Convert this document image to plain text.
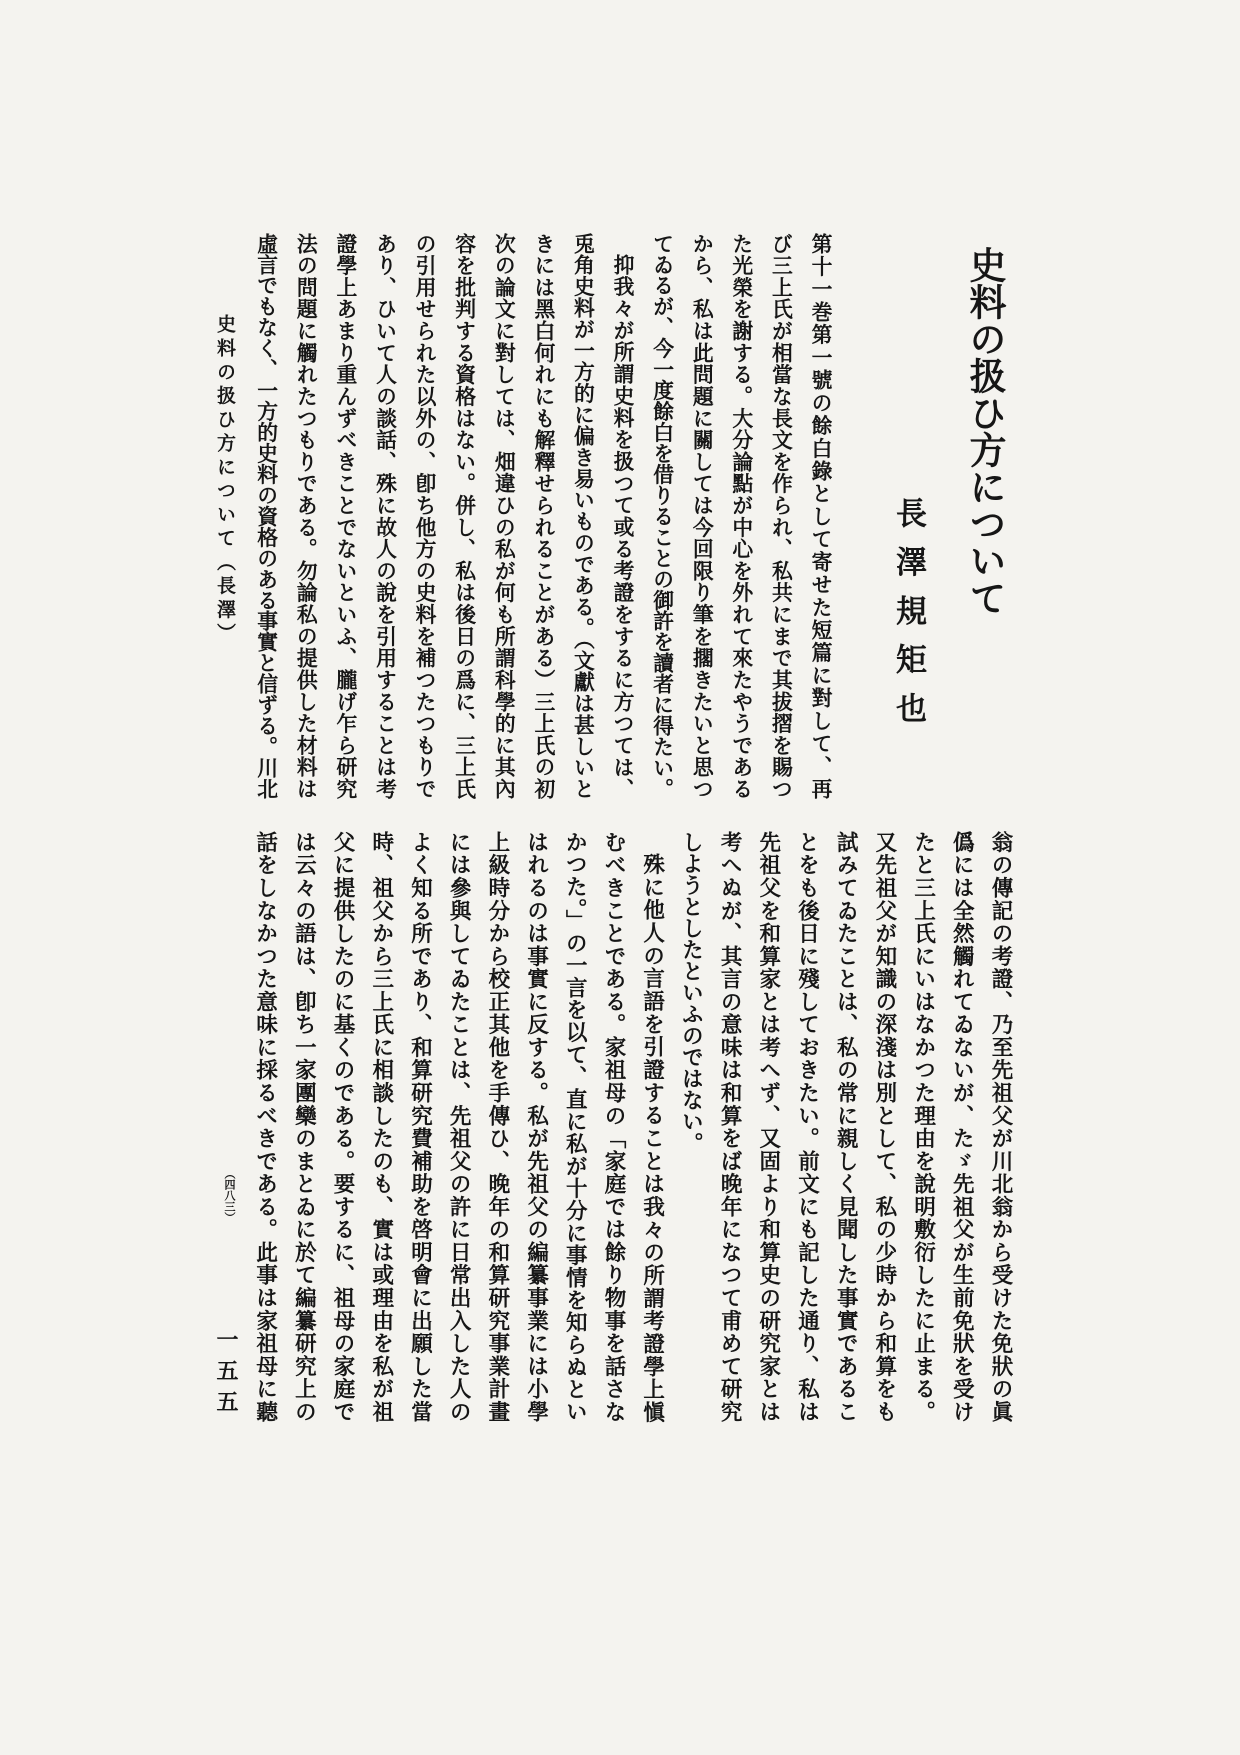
史料の扱ひ方について
長澤規矩也
第十一巻第一號の餘白錄として寄せた短篇に對して、再
び三上氏が相當な長文を作られ、私共にまで其拔摺を賜つ
た光榮を謝する。大分論點が中心を外れて來たやうである
から、私は此問題に關しては今回限り筆を擱きたいと思つ
てゐるが、今一度餘白を借りることの御許を讀者に得たい。
抑我々が所謂史料を扱つて或る考證をするに方つては、
兎角史料が一方的に偏き易いものである。（文獻は甚しいと
きには黑白何れにも解釋せられることがある）三上氏の初
次の論文に對しては、畑違ひの私が何も所謂科學的に其內
容を批判する資格はない。併し、私は後日の爲に、三上氏
の引用せられた以外の、卽ち他方の史料を補つたつもりで
あり、ひいて人の談話、殊に故人の說を引用することは考
證學上あまり重んずべきことでないといふ、朧げ乍ら研究
法の問題に觸れたつもりである。勿論私の提供した材料は
虛言でもなく、一方的史料の資格のある事實と信ずる。川北
翁の傳記の考證、乃至先祖父が川北翁から受けた免狀の眞
僞には全然觸れてゐないが、たゞ先祖父が生前免狀を受け
たと三上氏にいはなかつた理由を說明敷衍したに止まる。
又先祖父が知識の深淺は別として、私の少時から和算をも
試みてゐたことは、私の常に親しく見聞した事實であるこ
とをも後日に殘しておきたい。前文にも記した通り、私は
先祖父を和算家とは考へず、又固より和算史の研究家とは
考へぬが、其言の意味は和算をば晚年になつて甫めて研究
しようとしたといふのではない。
殊に他人の言語を引證することは我々の所謂考證學上愼
むべきことである。家祖母の「家庭では餘り物事を話さな
かつた。」の一言を以て、直に私が十分に事情を知らぬとい
はれるのは事實に反する。私が先祖父の編纂事業には小學
上級時分から校正其他を手傳ひ、晚年の和算研究事業計畫
には參與してゐたことは、先祖父の許に日常出入した人の
よく知る所であり、和算研究費補助を啓明會に出願した當
時、祖父から三上氏に相談したのも、實は或理由を私が祖
父に提供したのに基くのである。要するに、祖母の家庭で
は云々の語は、卽ち一家團欒のまとゐに於て編纂研究上の
話をしなかつた意味に採るべきである。此事は家祖母に聽
史料の扱ひ方について（長澤）
（四八三）
一五五
